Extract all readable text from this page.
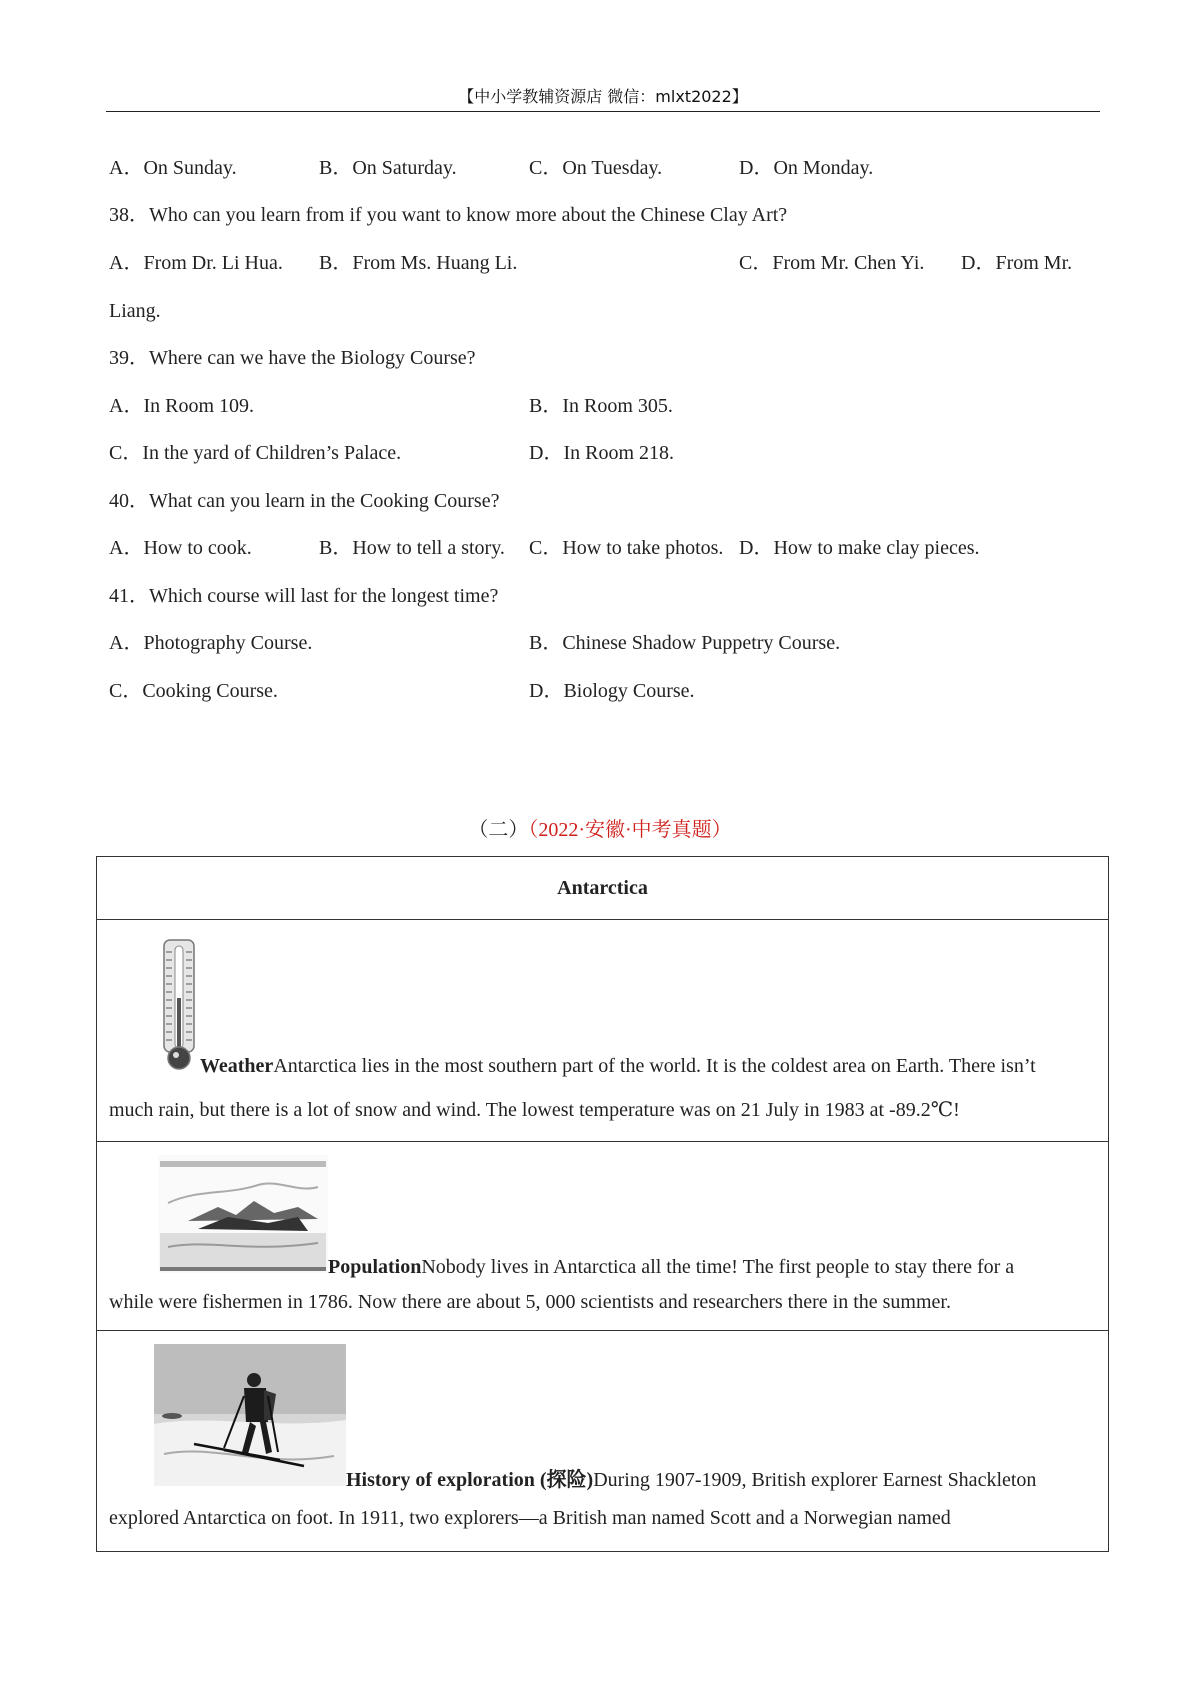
【中小学教辅资源店 微信：mlxt2022】
A．On Sunday.	B．On Saturday.	C．On Tuesday.	D．On Monday.
38．Who can you learn from if you want to know more about the Chinese Clay Art?
A．From Dr. Li Hua. B．From Ms. Huang Li.	C．From Mr. Chen Yi. D．From Mr.
Liang.
39．Where can we have the Biology Course?
A．In Room 109.	B．In Room 305.
C．In the yard of Children’s Palace.	D．In Room 218.
40．What can you learn in the Cooking Course?
A．How to cook.	B．How to tell a story. C．How to take photos. D．How to make clay pieces.
41．Which course will last for the longest time?
A．Photography Course.	B．Chinese Shadow Puppetry Course.
C．Cooking Course.	D．Biology Course.
（二）（2022·安徽·中考真题）
Antarctica

WeatherAntarctica lies in the most southern part of the world. It is the coldest area on Earth. There isn’t
much rain, but there is a lot of snow and wind. The lowest temperature was on 21 July in 1983 at -89.2℃!

PopulationNobody lives in Antarctica all the time! The first people to stay there for a
while were fishermen in 1786. Now there are about 5, 000 scientists and researchers there in the summer.

History of exploration (探险)During 1907-1909, British explorer Earnest Shackleton
explored Antarctica on foot. In 1911, two explorers—a British man named Scott and a Norwegian named
